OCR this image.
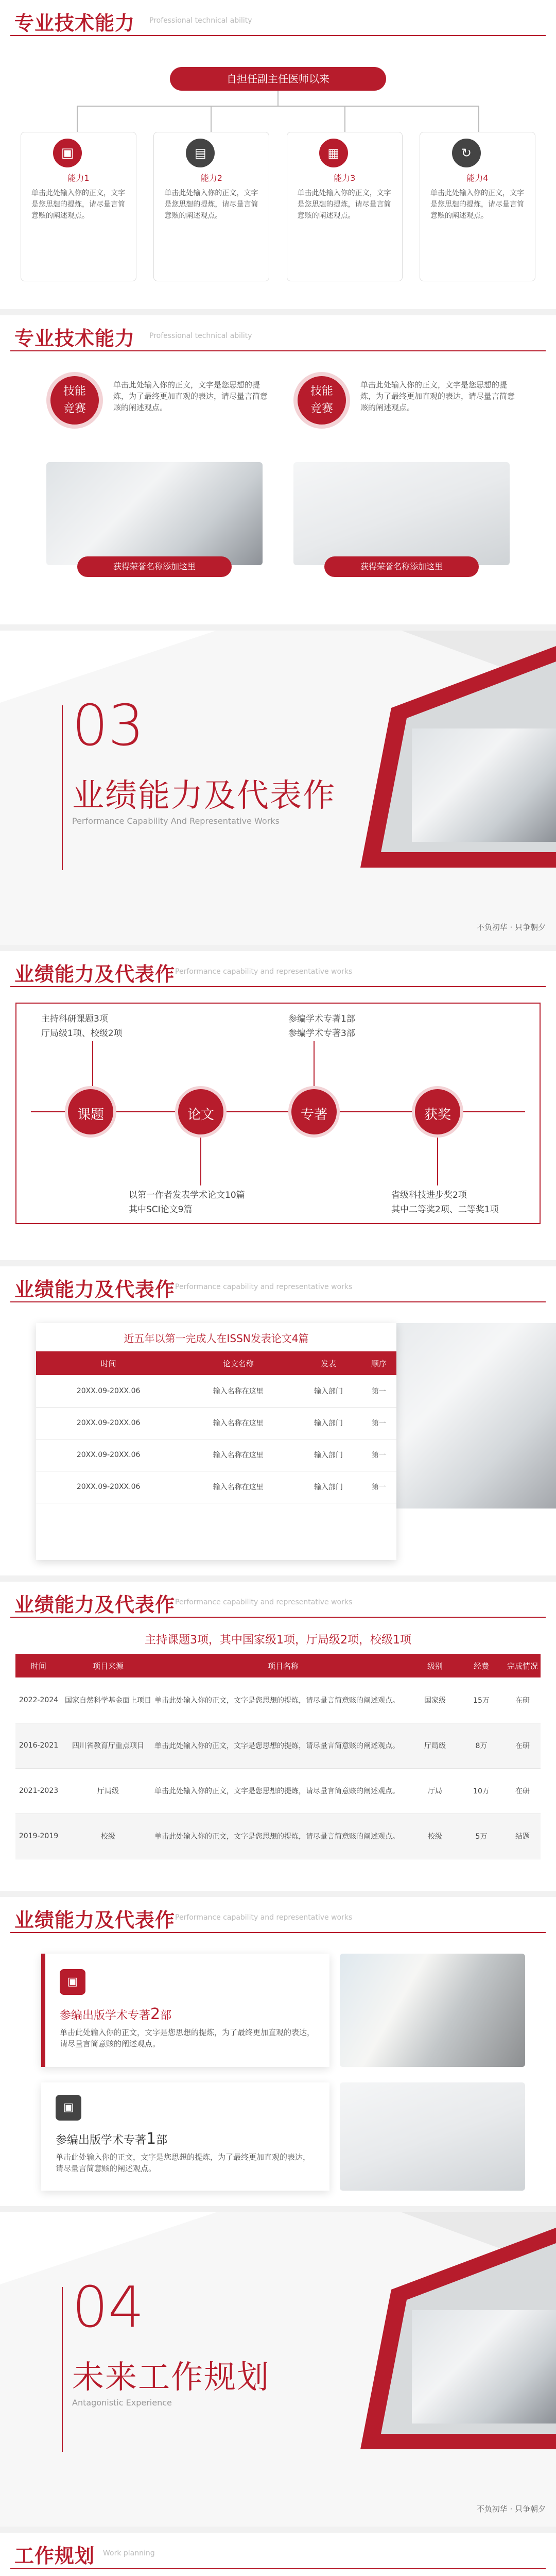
专业技术能力 Professional technical ability
自担任副主任医师以来
▣
能力1
单击此处输入你的正文，文字是您思想的提炼，请尽量言简意赅的阐述观点。
▤
能力2
单击此处输入你的正文，文字是您思想的提炼，请尽量言简意赅的阐述观点。
▦
能力3
单击此处输入你的正文，文字是您思想的提炼，请尽量言简意赅的阐述观点。
↻
能力4
单击此处输入你的正文，文字是您思想的提炼，请尽量言简意赅的阐述观点。
专业技术能力 Professional technical ability
技能竞赛
单击此处输入你的正文，文字是您思想的提炼，为了最终更加直观的表达，请尽量言简意赅的阐述观点。
获得荣誉名称添加这里
技能竞赛
单击此处输入你的正文，文字是您思想的提炼，为了最终更加直观的表达，请尽量言简意赅的阐述观点。
获得荣誉名称添加这里
03
业绩能力及代表作
Performance Capability And Representative Works
不负初华 · 只争朝夕
业绩能力及代表作 Performance capability and representative works
课题	论文	专著	获奖
主持科研课题3项
厅局级1项、校级2项
以第一作者发表学术论文10篇
其中SCI论文9篇
参编学术专著1部
参编学术专著3部
省级科技进步奖2项
其中二等奖2项、二等奖1项
业绩能力及代表作 Performance capability and representative works
近五年以第一完成人在ISSN发表论文4篇
时间	论文名称	发表	顺序
20XX.09-20XX.06	输入名称在这里	输入部门	第一
20XX.09-20XX.06	输入名称在这里	输入部门	第一
20XX.09-20XX.06	输入名称在这里	输入部门	第一
20XX.09-20XX.06	输入名称在这里	输入部门	第一
业绩能力及代表作 Performance capability and representative works
主持课题3项，其中国家级1项，厅局级2项，校级1项
时间	项目来源	项目名称	级别	经费	完成情况
2022-2024	国家自然科学基金面上项目	单击此处输入你的正文，文字是您思想的提炼，请尽量言简意赅的阐述观点。	国家级	15万	在研
2016-2021	四川省教育厅重点项目	单击此处输入你的正文，文字是您思想的提炼，请尽量言简意赅的阐述观点。	厅局级	8万	在研
2021-2023	厅局级	单击此处输入你的正文，文字是您思想的提炼，请尽量言简意赅的阐述观点。	厅局	10万	在研
2019-2019	校级	单击此处输入你的正文，文字是您思想的提炼，请尽量言简意赅的阐述观点。	校级	5万	结题
业绩能力及代表作 Performance capability and representative works
▣
参编出版学术专著2部
单击此处输入你的正文，文字是您思想的提炼，为了最终更加直观的表达，请尽量言简意赅的阐述观点。
▣
参编出版学术专著1部
单击此处输入你的正文，文字是您思想的提炼，为了最终更加直观的表达，请尽量言简意赅的阐述观点。
04
未来工作规划
Antagonistic Experience
不负初华 · 只争朝夕
工作规划 Work planning
